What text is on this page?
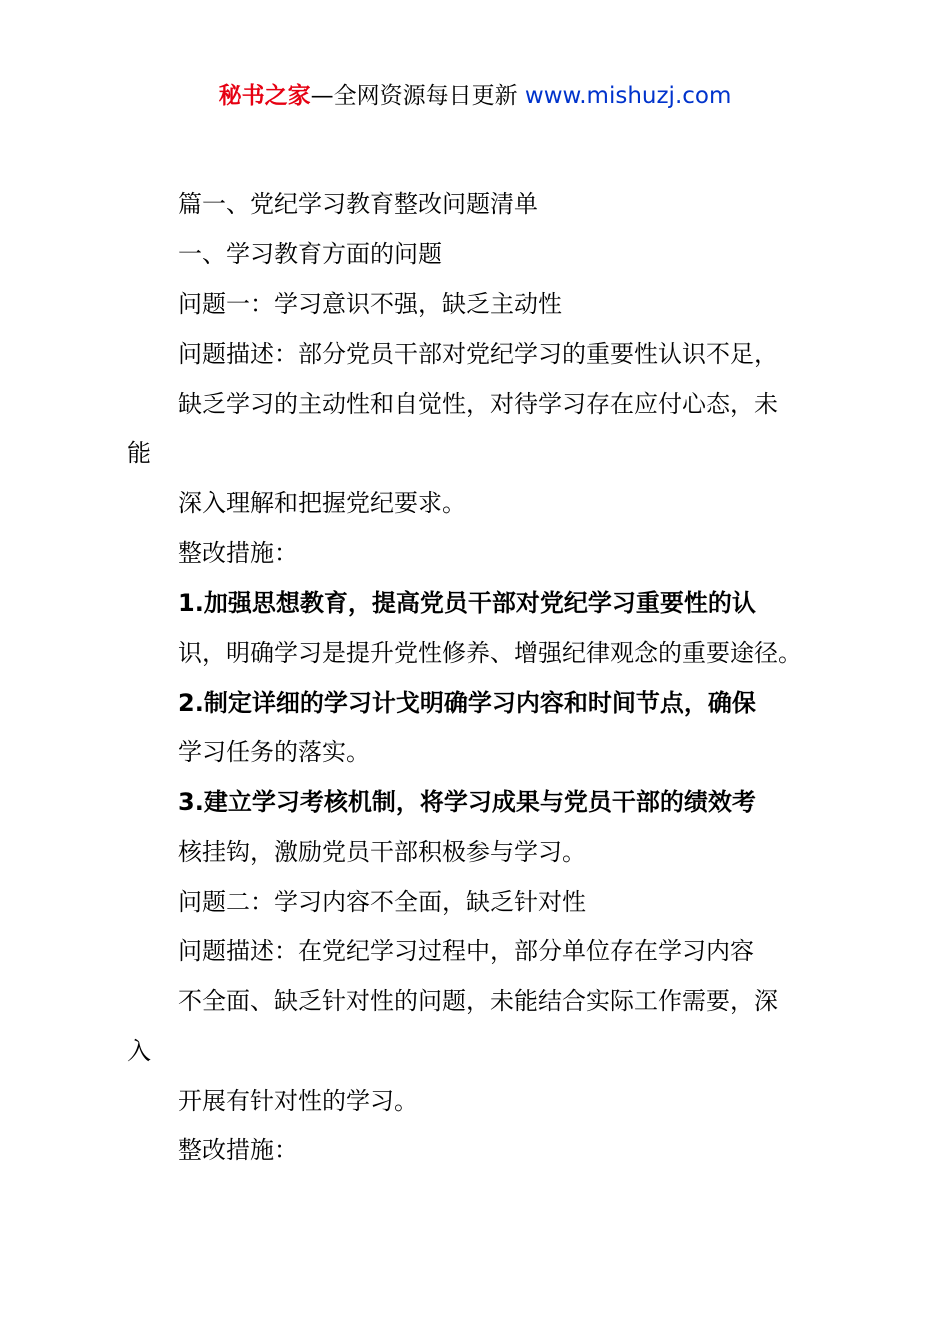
秘书之家—全网资源每日更新 www.mishuzj.com
篇一、党纪学习教育整改问题清单
一、学习教育方面的问题
问题一：学习意识不强，缺乏主动性
问题描述：部分党员干部对党纪学习的重要性认识不足，
缺乏学习的主动性和自觉性，对待学习存在应付心态，未
能
深入理解和把握党纪要求。
整改措施：
1.加强思想教育，提高党员干部对党纪学习重要性的认
识，明确学习是提升党性修养、增强纪律观念的重要途径。
2.制定详细的学习计戈明确学习内容和时间节点，确保
学习任务的落实。
3.建立学习考核机制，将学习成果与党员干部的绩效考
核挂钩，激励党员干部积极参与学习。
问题二：学习内容不全面，缺乏针对性
问题描述：在党纪学习过程中，部分单位存在学习内容
不全面、缺乏针对性的问题，未能结合实际工作需要，深
入
开展有针对性的学习。
整改措施：
